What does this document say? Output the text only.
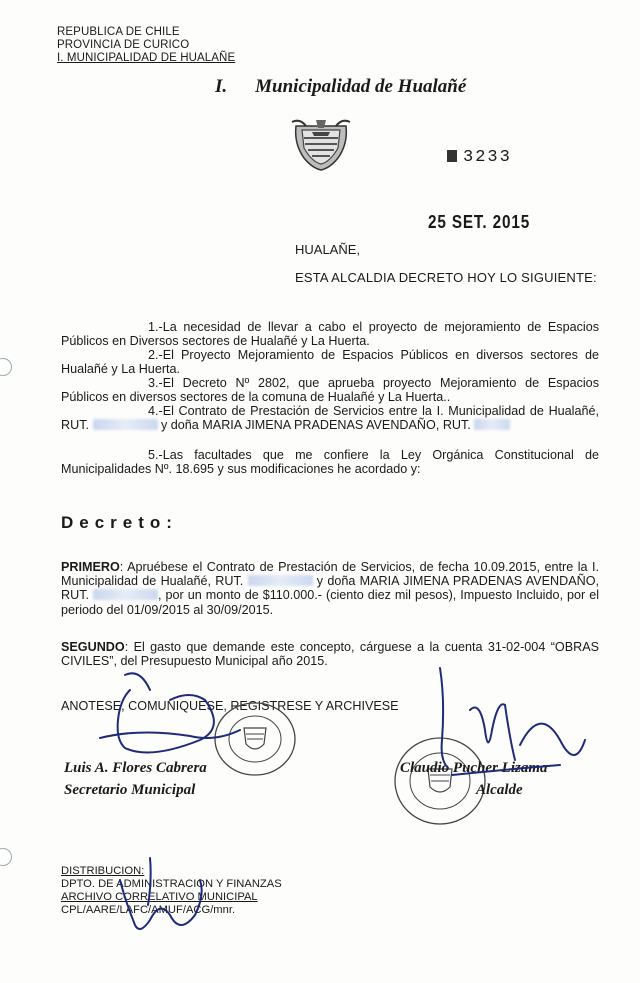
REPUBLICA DE CHILE
PROVINCIA DE CURICO
I. MUNICIPALIDAD DE HUALAÑE
I. Municipalidad de Hualañé
3233
25 SET. 2015
HUALAÑE,
ESTA ALCALDIA DECRETO HOY LO SIGUIENTE:
1.-La necesidad de llevar a cabo el proyecto de mejoramiento de Espacios Públicos en Diversos sectores de Hualañé y La Huerta.
2.-El Proyecto Mejoramiento de Espacios Públicos en diversos sectores de Hualañé y La Huerta.
3.-El Decreto Nº 2802, que aprueba proyecto Mejoramiento de Espacios Públicos en diversos sectores de la comuna de Hualañé y La Huerta..
4.-El Contrato de Prestación de Servicios entre la I. Municipalidad de Hualañé, RUT.	y doña MARIA JIMENA PRADENAS AVENDAÑO, RUT.
5.-Las facultades que me confiere la Ley Orgánica Constitucional de Municipalidades Nº. 18.695 y sus modificaciones he acordado y:
Decreto:
PRIMERO: Apruébese el Contrato de Prestación de Servicios, de fecha 10.09.2015, entre la I. Municipalidad de Hualañé, RUT.	y doña MARIA JIMENA PRADENAS AVENDAÑO, RUT.	, por un monto de $110.000.- (ciento diez mil pesos), Impuesto Incluido, por el periodo del 01/09/2015 al 30/09/2015.
SEGUNDO: El gasto que demande este concepto, cárguese a la cuenta 31-02-004 “OBRAS CIVILES”, del Presupuesto Municipal año 2015.
ANOTESE, COMUNIQUESE, REGISTRESE Y ARCHIVESE
Luis A. Flores Cabrera
Secretario Municipal
Claudio Pucher Lizama
Alcalde
DISTRIBUCION:
DPTO. DE ADMINISTRACION Y FINANZAS
ARCHIVO CORRELATIVO MUNICIPAL
CPL/AARE/LAFC/AMUF/ACG/mnr.
